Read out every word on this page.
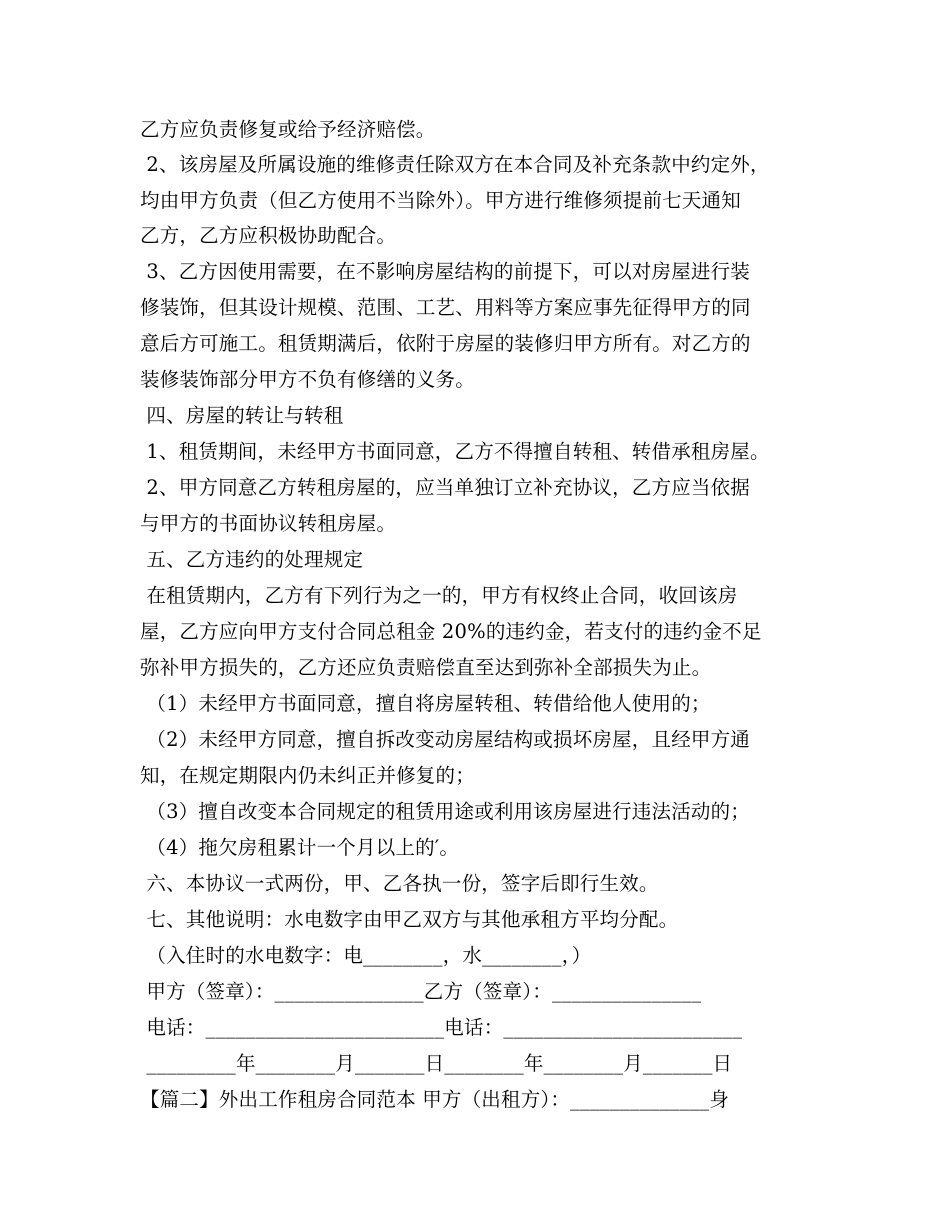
乙方应负责修复或给予经济赔偿。
2、该房屋及所属设施的维修责任除双方在本合同及补充条款中约定外，
均由甲方负责（但乙方使用不当除外）。甲方进行维修须提前七天通知
乙方，乙方应积极协助配合。
3、乙方因使用需要，在不影响房屋结构的前提下，可以对房屋进行装
修装饰，但其设计规模、范围、工艺、用料等方案应事先征得甲方的同
意后方可施工。租赁期满后，依附于房屋的装修归甲方所有。对乙方的
装修装饰部分甲方不负有修缮的义务。
四、房屋的转让与转租
1、租赁期间，未经甲方书面同意，乙方不得擅自转租、转借承租房屋。
2、甲方同意乙方转租房屋的，应当单独订立补充协议，乙方应当依据
与甲方的书面协议转租房屋。
五、乙方违约的处理规定
在租赁期内，乙方有下列行为之一的，甲方有权终止合同，收回该房
屋，乙方应向甲方支付合同总租金 20%的违约金，若支付的违约金不足
弥补甲方损失的，乙方还应负责赔偿直至达到弥补全部损失为止。
（1）未经甲方书面同意，擅自将房屋转租、转借给他人使用的；
（2）未经甲方同意，擅自拆改变动房屋结构或损坏房屋，且经甲方通
知，在规定期限内仍未纠正并修复的；
（3）擅自改变本合同规定的租赁用途或利用该房屋进行违法活动的；
（4）拖欠房租累计一个月以上的′。
六、本协议一式两份，甲、乙各执一份，签字后即行生效。
七、其他说明：水电数字由甲乙双方与其他承租方平均分配。
（入住时的水电数字：电________，水________，）
甲方（签章）：_______________乙方（签章）：_______________
电话：________________________电话：________________________
_________年________月_______日________年________月_______日
【篇二】外出工作租房合同范本 甲方（出租方）：______________身
